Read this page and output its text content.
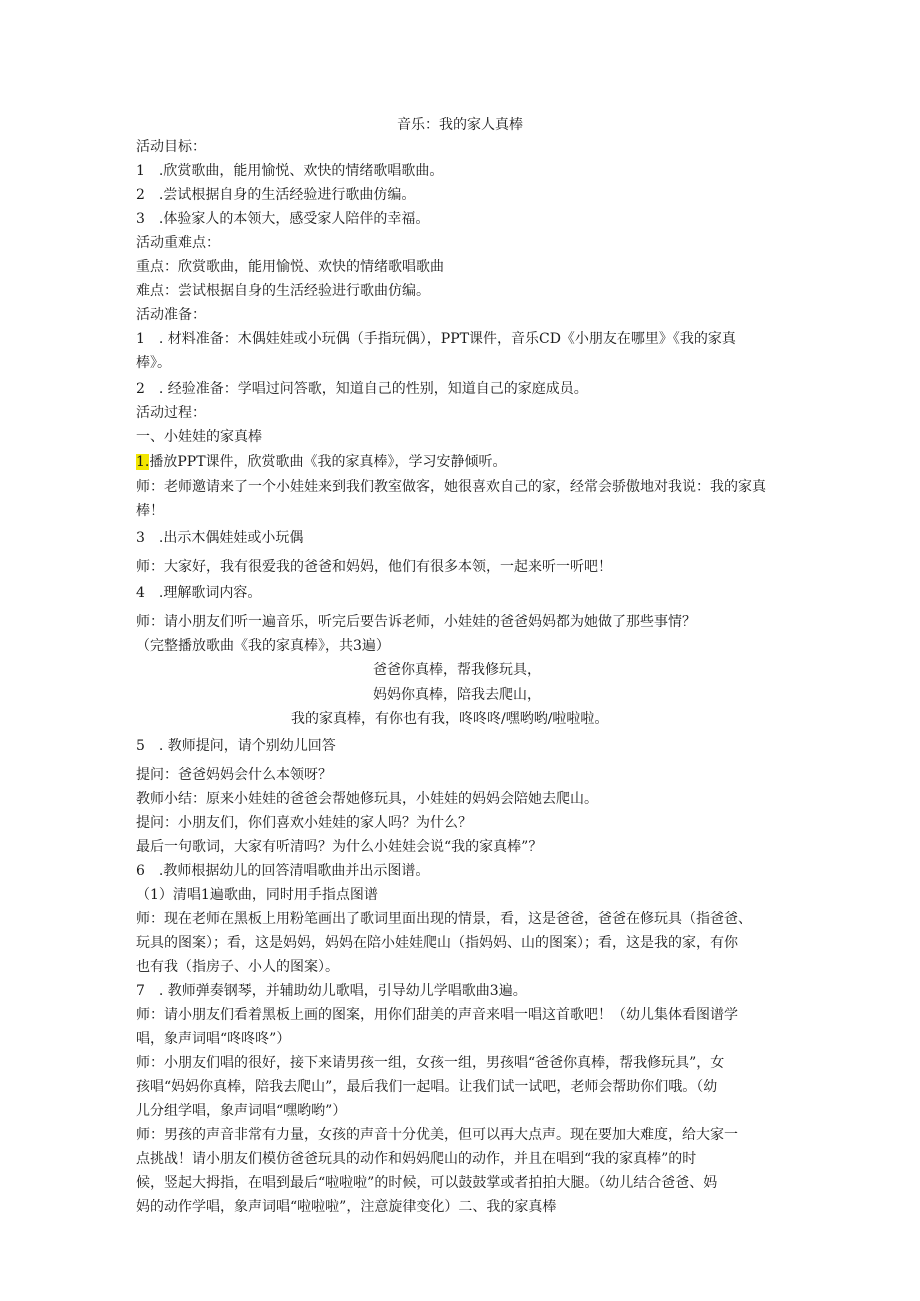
音乐：我的家人真棒
活动目标：
1　.欣赏歌曲，能用愉悦、欢快的情绪歌唱歌曲。
2　.尝试根据自身的生活经验进行歌曲仿编。
3　.体验家人的本领大，感受家人陪伴的幸福。
活动重难点：
重点：欣赏歌曲，能用愉悦、欢快的情绪歌唱歌曲
难点：尝试根据自身的生活经验进行歌曲仿编。
活动准备：
1　. 材料准备：木偶娃娃或小玩偶（手指玩偶），PPT课件，音乐CD《小朋友在哪里》《我的家真
棒》。
2　. 经验准备：学唱过问答歌，知道自己的性别，知道自己的家庭成员。
活动过程：
一、小娃娃的家真棒
1.播放PPT课件，欣赏歌曲《我的家真棒》，学习安静倾听。
师：老师邀请来了一个小娃娃来到我们教室做客，她很喜欢自己的家，经常会骄傲地对我说：我的家真
棒！
3　.出示木偶娃娃或小玩偶
师：大家好，我有很爱我的爸爸和妈妈，他们有很多本领，一起来听一听吧！
4　.理解歌词内容。
师：请小朋友们听一遍音乐，听完后要告诉老师，小娃娃的爸爸妈妈都为她做了那些事情？
（完整播放歌曲《我的家真棒》，共3遍）
爸爸你真棒，帮我修玩具，
妈妈你真棒，陪我去爬山，
我的家真棒，有你也有我，咚咚咚/嘿哟哟/啦啦啦。
5　. 教师提问，请个别幼儿回答
提问：爸爸妈妈会什么本领呀？
教师小结：原来小娃娃的爸爸会帮她修玩具，小娃娃的妈妈会陪她去爬山。
提问：小朋友们，你们喜欢小娃娃的家人吗？为什么？
最后一句歌词，大家有听清吗？为什么小娃娃会说“我的家真棒”？
6　.教师根据幼儿的回答清唱歌曲并出示图谱。
（1）清唱1遍歌曲，同时用手指点图谱
师：现在老师在黑板上用粉笔画出了歌词里面出现的情景，看，这是爸爸，爸爸在修玩具（指爸爸、
玩具的图案）；看，这是妈妈，妈妈在陪小娃娃爬山（指妈妈、山的图案）；看，这是我的家，有你
也有我（指房子、小人的图案）。
7　. 教师弹奏钢琴，并辅助幼儿歌唱，引导幼儿学唱歌曲3遍。
师：请小朋友们看着黑板上画的图案，用你们甜美的声音来唱一唱这首歌吧！（幼儿集体看图谱学
唱，象声词唱“咚咚咚”）
师：小朋友们唱的很好，接下来请男孩一组，女孩一组，男孩唱“爸爸你真棒，帮我修玩具”，女
孩唱“妈妈你真棒，陪我去爬山”，最后我们一起唱。让我们试一试吧，老师会帮助你们哦。（幼
儿分组学唱，象声词唱“嘿哟哟”）
师：男孩的声音非常有力量，女孩的声音十分优美，但可以再大点声。现在要加大难度，给大家一
点挑战！请小朋友们模仿爸爸玩具的动作和妈妈爬山的动作，并且在唱到“我的家真棒”的时
候，竖起大拇指，在唱到最后“啦啦啦”的时候，可以鼓鼓掌或者拍拍大腿。（幼儿结合爸爸、妈
妈的动作学唱，象声词唱“啦啦啦”，注意旋律变化）二、我的家真棒
